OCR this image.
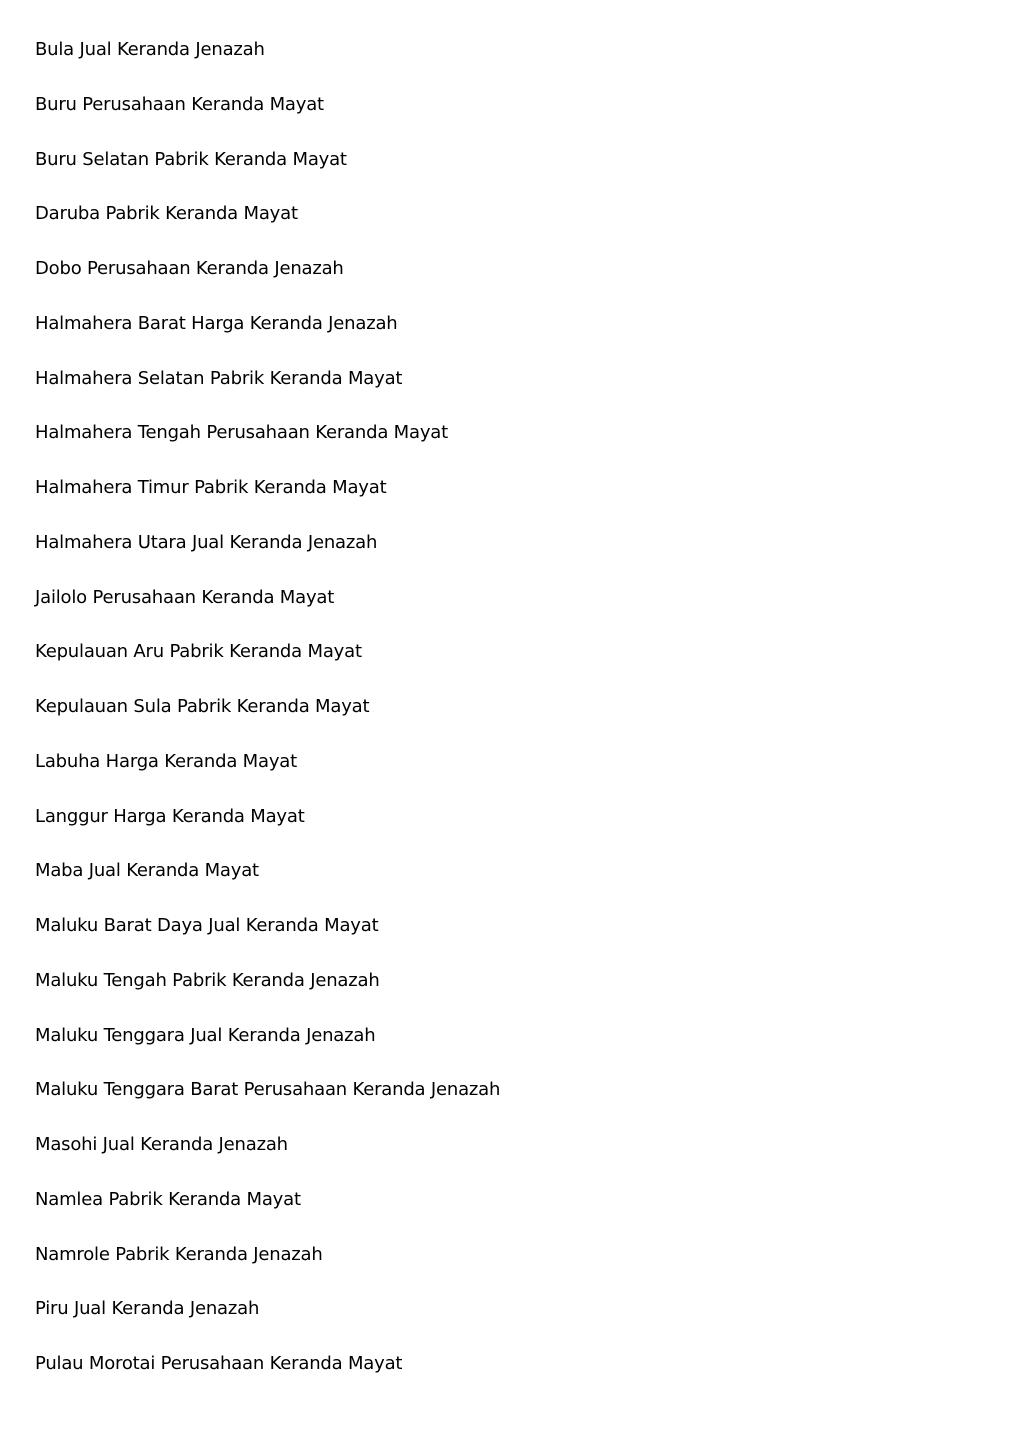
Bula Jual Keranda Jenazah
Buru Perusahaan Keranda Mayat
Buru Selatan Pabrik Keranda Mayat
Daruba Pabrik Keranda Mayat
Dobo Perusahaan Keranda Jenazah
Halmahera Barat Harga Keranda Jenazah
Halmahera Selatan Pabrik Keranda Mayat
Halmahera Tengah Perusahaan Keranda Mayat
Halmahera Timur Pabrik Keranda Mayat
Halmahera Utara Jual Keranda Jenazah
Jailolo Perusahaan Keranda Mayat
Kepulauan Aru Pabrik Keranda Mayat
Kepulauan Sula Pabrik Keranda Mayat
Labuha Harga Keranda Mayat
Langgur Harga Keranda Mayat
Maba Jual Keranda Mayat
Maluku Barat Daya Jual Keranda Mayat
Maluku Tengah Pabrik Keranda Jenazah
Maluku Tenggara Jual Keranda Jenazah
Maluku Tenggara Barat Perusahaan Keranda Jenazah
Masohi Jual Keranda Jenazah
Namlea Pabrik Keranda Mayat
Namrole Pabrik Keranda Jenazah
Piru Jual Keranda Jenazah
Pulau Morotai Perusahaan Keranda Mayat
